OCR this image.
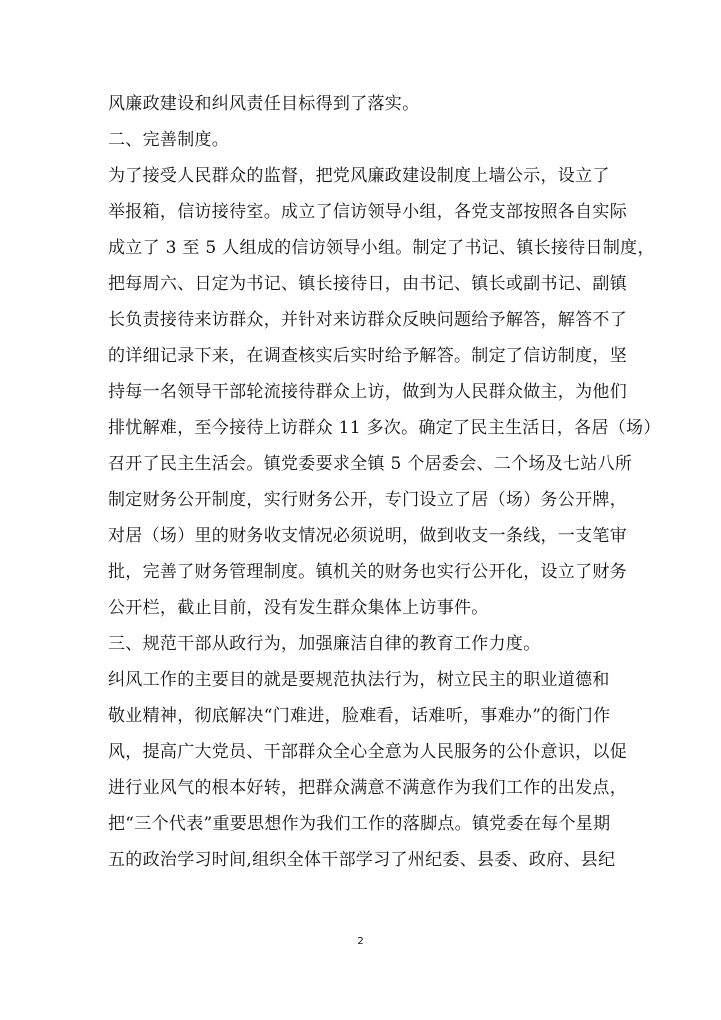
风廉政建设和纠风责任目标得到了落实。
二、完善制度。
为了接受人民群众的监督，把党风廉政建设制度上墙公示，设立了
举报箱，信访接待室。成立了信访领导小组，各党支部按照各自实际
成立了 3 至 5 人组成的信访领导小组。制定了书记、镇长接待日制度，
把每周六、日定为书记、镇长接待日，由书记、镇长或副书记、副镇
长负责接待来访群众，并针对来访群众反映问题给予解答，解答不了
的详细记录下来，在调查核实后实时给予解答。制定了信访制度，坚
持每一名领导干部轮流接待群众上访，做到为人民群众做主，为他们
排忧解难，至今接待上访群众 11 多次。确定了民主生活日，各居（场）
召开了民主生活会。镇党委要求全镇 5 个居委会、二个场及七站八所
制定财务公开制度，实行财务公开，专门设立了居（场）务公开牌，
对居（场）里的财务收支情况必须说明，做到收支一条线，一支笔审
批，完善了财务管理制度。镇机关的财务也实行公开化，设立了财务
公开栏，截止目前，没有发生群众集体上访事件。
三、规范干部从政行为，加强廉洁自律的教育工作力度。
纠风工作的主要目的就是要规范执法行为，树立民主的职业道德和
敬业精神，彻底解决“门难进，脸难看，话难听，事难办”的衙门作
风，提高广大党员、干部群众全心全意为人民服务的公仆意识，以促
进行业风气的根本好转，把群众满意不满意作为我们工作的出发点，
把“三个代表”重要思想作为我们工作的落脚点。镇党委在每个星期
五的政治学习时间,组织全体干部学习了州纪委、县委、政府、县纪
2
